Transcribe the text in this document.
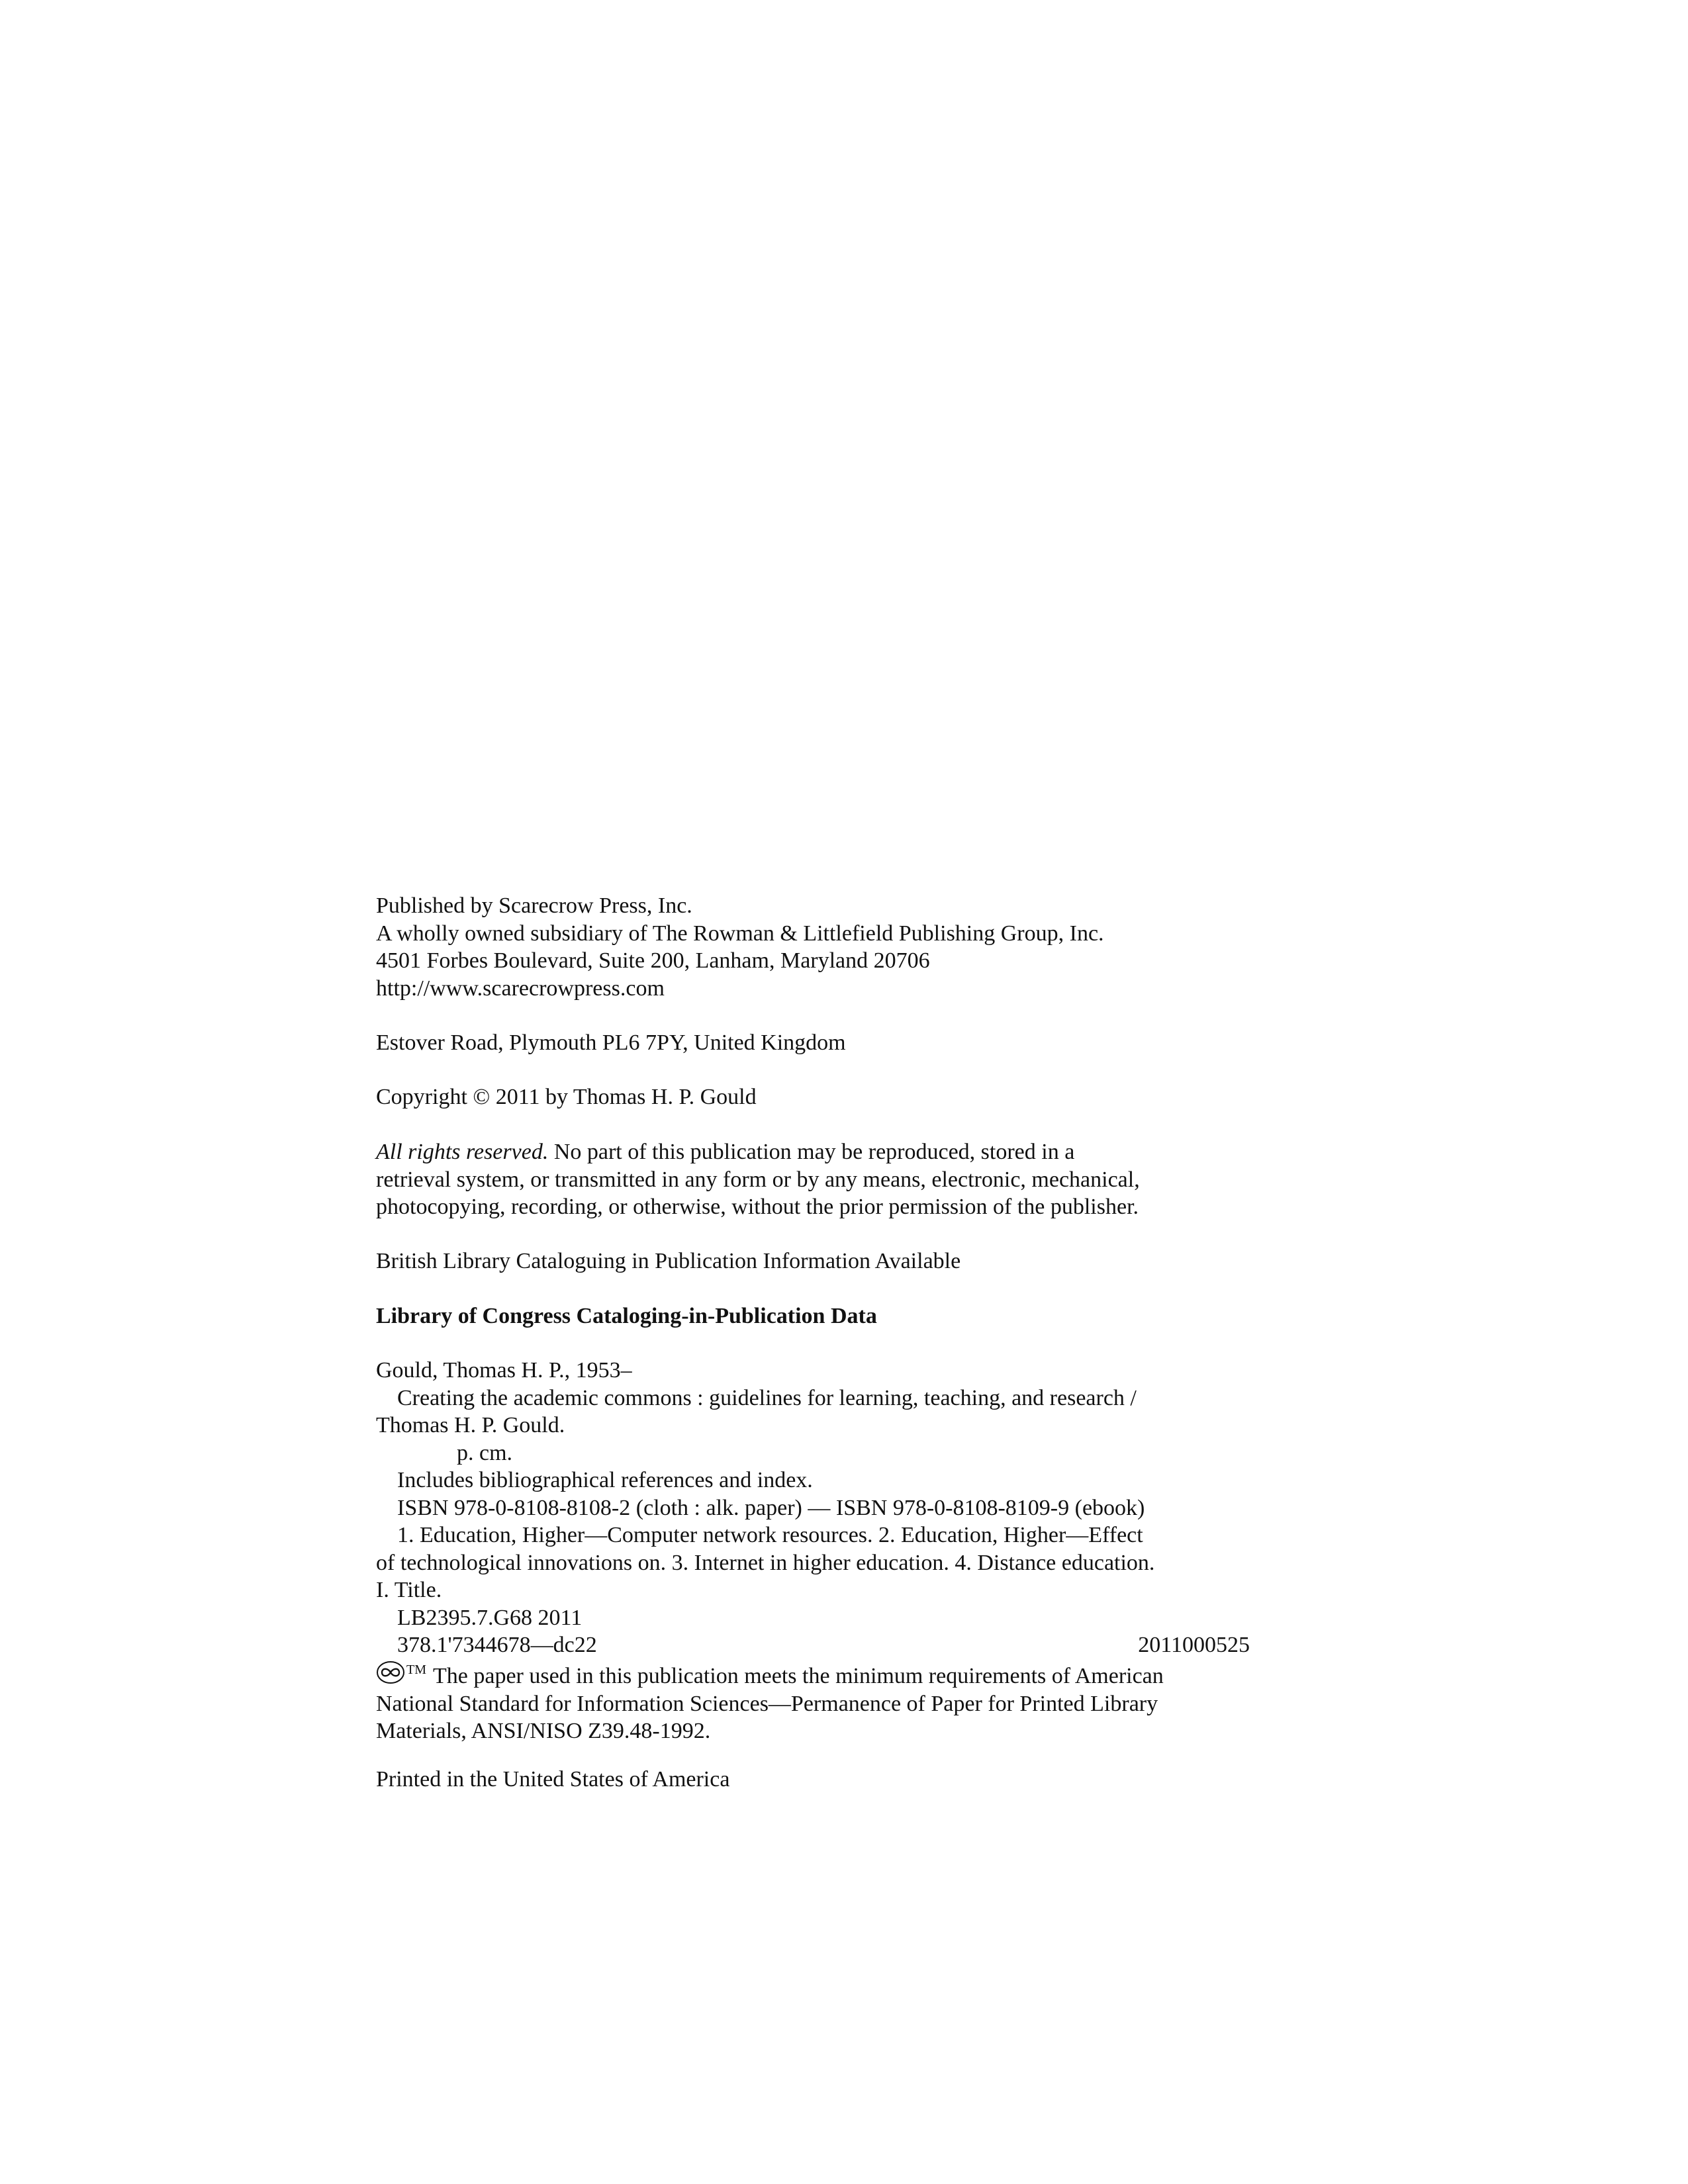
Published by Scarecrow Press, Inc.
A wholly owned subsidiary of The Rowman & Littlefield Publishing Group, Inc.
4501 Forbes Boulevard, Suite 200, Lanham, Maryland 20706
http://www.scarecrowpress.com
Estover Road, Plymouth PL6 7PY, United Kingdom
Copyright © 2011 by Thomas H. P. Gould
All rights reserved. No part of this publication may be reproduced, stored in a
retrieval system, or transmitted in any form or by any means, electronic, mechanical,
photocopying, recording, or otherwise, without the prior permission of the publisher.
British Library Cataloguing in Publication Information Available
Library of Congress Cataloging-in-Publication Data
Gould, Thomas H. P., 1953–
Creating the academic commons : guidelines for learning, teaching, and research /
Thomas H. P. Gould.
p. cm.
Includes bibliographical references and index.
ISBN 978-0-8108-8108-2 (cloth : alk. paper) — ISBN 978-0-8108-8109-9 (ebook)
1. Education, Higher—Computer network resources. 2. Education, Higher—Effect
of technological innovations on. 3. Internet in higher education. 4. Distance education.
I. Title.
LB2395.7.G68 2011
378.1'7344678—dc22	2011000525
™ The paper used in this publication meets the minimum requirements of American
National Standard for Information Sciences—Permanence of Paper for Printed Library
Materials, ANSI/NISO Z39.48-1992.
Printed in the United States of America
